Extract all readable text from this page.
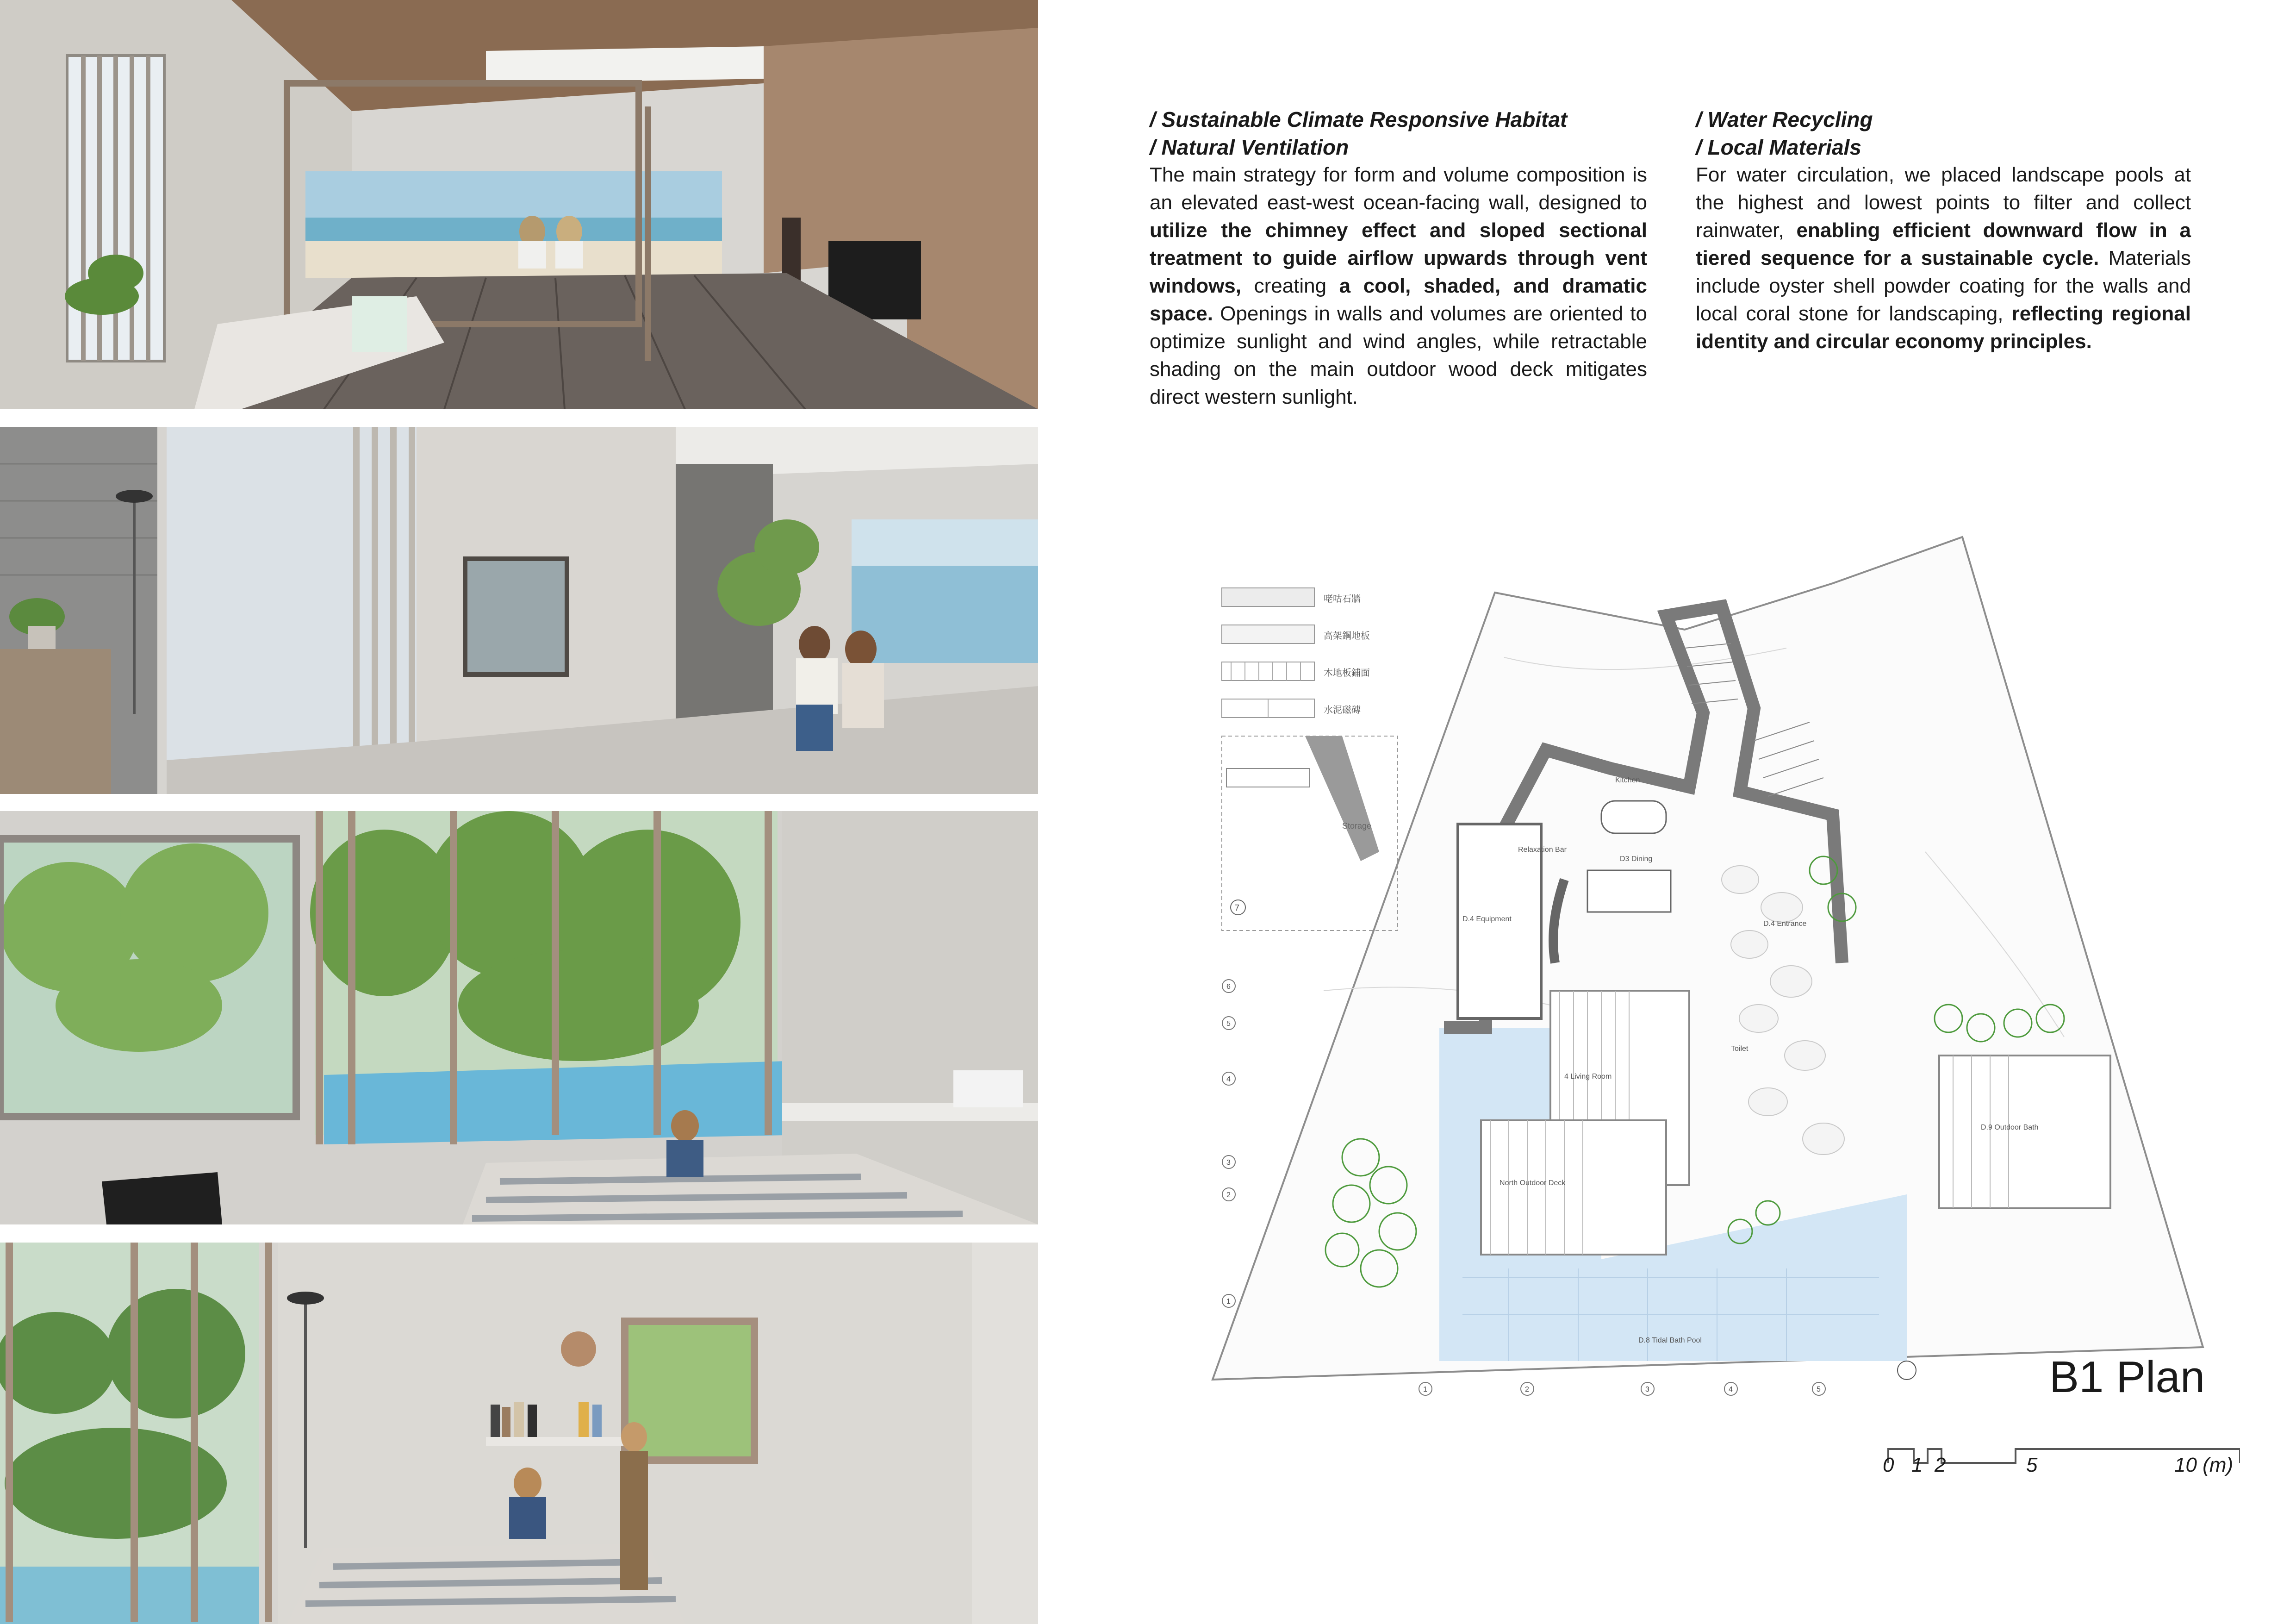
/ Sustainable Climate Responsive Habitat
/ Natural Ventilation
The main strategy for form and volume composition is an elevated east-west ocean-facing wall, designed to utilize the chimney effect and sloped sectional treatment to guide airflow upwards through vent windows, creating a cool, shaded, and dramatic space. Openings in walls and volumes are oriented to optimize sunlight and wind angles, while retractable shading on the main outdoor wood deck mitigates direct western sunlight.
/ Water Recycling
/ Local Materials
For water circulation, we placed landscape pools at the highest and lowest points to filter and collect rainwater, enabling efficient downward flow in a tiered sequence for a sustainable cycle. Materials include oyster shell powder coating for the walls and local coral stone for landscaping, reflecting regional identity and circular economy principles.
咾咕石牆
高架鋼地板
木地板鋪面
水泥磁磚
7
Storage
Kitchen
D3 Dining
D.4 Equipment
D.4 Entrance
4 Living Room
North Outdoor Deck
D.8 Tidal Bath Pool
D.9 Outdoor Bath
Toilet
Relaxation Bar
6
5
4
3
2
1
1	2	3	4	5	B1 Plan
0 1 2	5	10 (m)
